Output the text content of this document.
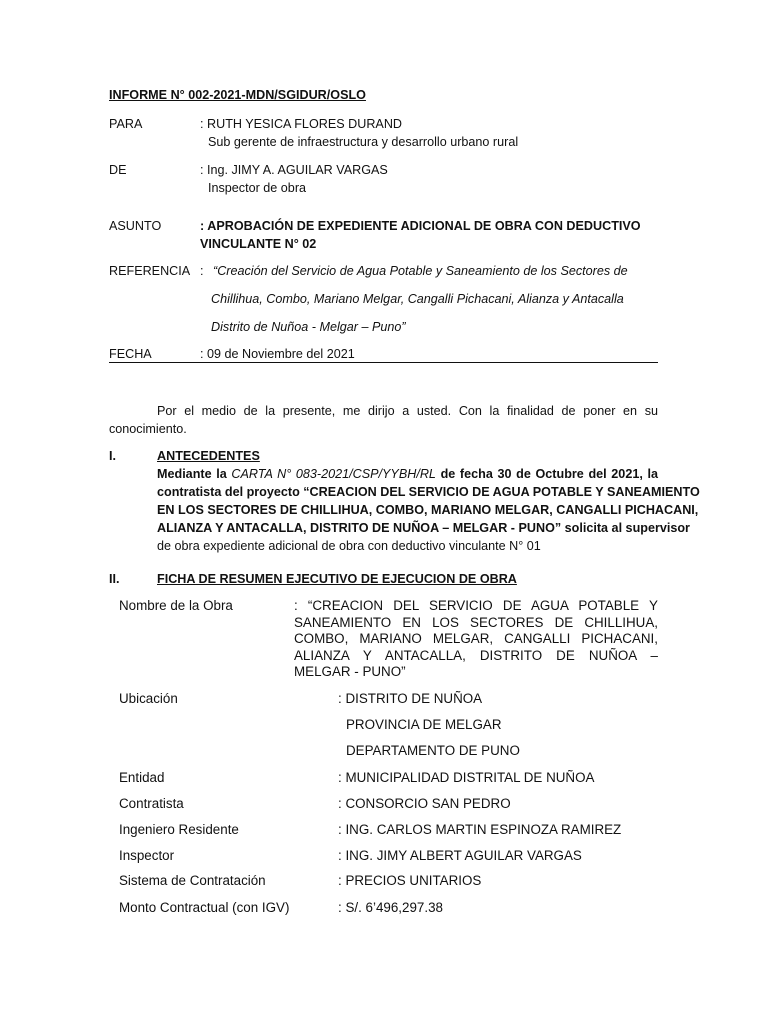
INFORME N° 002-2021-MDN/SGIDUR/OSLO
PARA	: RUTH YESICA FLORES DURAND
Sub gerente de infraestructura y desarrollo urbano rural
DE	: Ing. JIMY A. AGUILAR VARGAS
Inspector de obra
ASUNTO	: APROBACIÓN DE EXPEDIENTE ADICIONAL DE OBRA CON DEDUCTIVO
VINCULANTE N° 02
REFERENCIA : “Creación del Servicio de Agua Potable y Saneamiento de los Sectores de
Chillihua, Combo, Mariano Melgar, Cangalli Pichacani, Alianza y Antacalla
Distrito de Nuñoa - Melgar – Puno”
FECHA	: 09 de Noviembre del 2021
Por el medio de la presente, me dirijo a usted. Con la finalidad de poner en su
conocimiento.
I.	ANTECEDENTES
Mediante la CARTA N° 083-2021/CSP/YYBH/RL de fecha 30 de Octubre del 2021, la
contratista del proyecto “CREACION DEL SERVICIO DE AGUA POTABLE Y SANEAMIENTO
EN LOS SECTORES DE CHILLIHUA, COMBO, MARIANO MELGAR, CANGALLI PICHACANI,
ALIANZA Y ANTACALLA, DISTRITO DE NUÑOA – MELGAR - PUNO” solicita al supervisor
de obra expediente adicional de obra con deductivo vinculante N° 01
II.	FICHA DE RESUMEN EJECUTIVO DE EJECUCION DE OBRA
Nombre de la Obra	: “CREACION DEL SERVICIO DE AGUA POTABLE Y
SANEAMIENTO EN LOS SECTORES DE CHILLIHUA,
COMBO, MARIANO MELGAR, CANGALLI PICHACANI,
ALIANZA Y ANTACALLA, DISTRITO DE NUÑOA –
MELGAR - PUNO”
Ubicación	: DISTRITO DE NUÑOA
PROVINCIA DE MELGAR
DEPARTAMENTO DE PUNO
Entidad	: MUNICIPALIDAD DISTRITAL DE NUÑOA
Contratista	: CONSORCIO SAN PEDRO
Ingeniero Residente	: ING. CARLOS MARTIN ESPINOZA RAMIREZ
Inspector	: ING. JIMY ALBERT AGUILAR VARGAS
Sistema de Contratación	: PRECIOS UNITARIOS
Monto Contractual (con IGV)	: S/. 6’496,297.38
